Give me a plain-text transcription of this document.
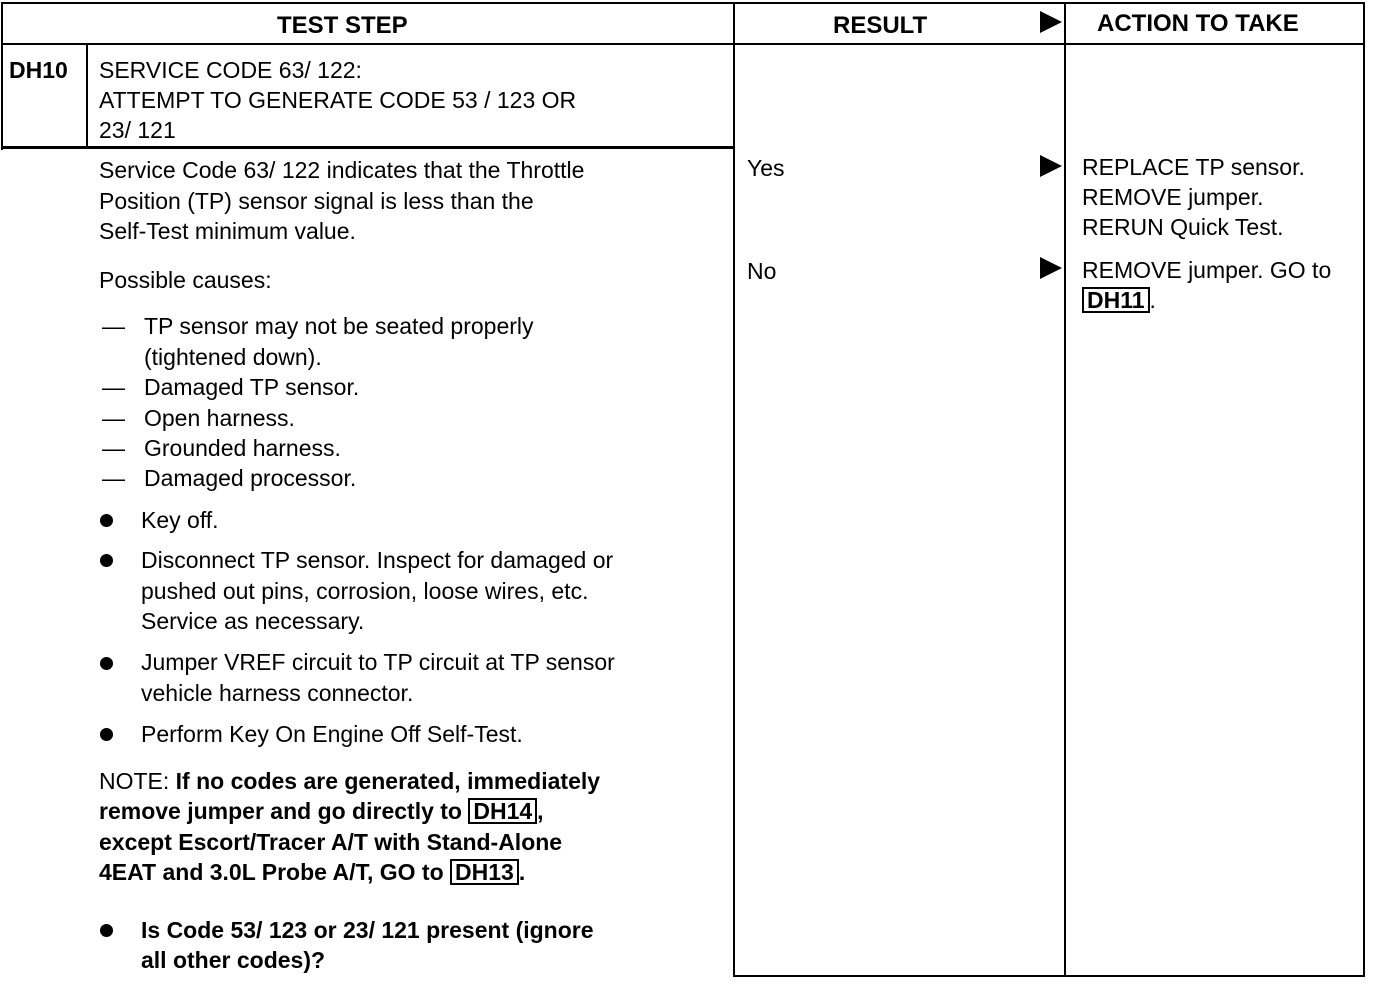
TEST STEP	RESULT	ACTION TO TAKE
DH10 SERVICE CODE 63/ 122:
ATTEMPT TO GENERATE CODE 53 / 123 OR
23/ 121
Service Code 63/ 122 indicates that the Throttle
Position (TP) sensor signal is less than the
Self-Test minimum value.
Possible causes:
— TP sensor may not be seated properly
(tightened down).
— Damaged TP sensor.
— Open harness.
— Grounded harness.
— Damaged processor.
Key off.
Disconnect TP sensor. Inspect for damaged or
pushed out pins, corrosion, loose wires, etc.
Service as necessary.
Jumper VREF circuit to TP circuit at TP sensor
vehicle harness connector.
Perform Key On Engine Off Self-Test.
NOTE: If no codes are generated, immediately
remove jumper and go directly to DH14 ,
except Escort/Tracer A/T with Stand-Alone
4EAT and 3.0L Probe A/T, GO to DH13 .
Is Code 53/ 123 or 23/ 121 present (ignore
all other codes)?
Yes
No
REPLACE TP sensor.
REMOVE jumper.
RERUN Quick Test.
REMOVE jumper. GO to
DH11 .
